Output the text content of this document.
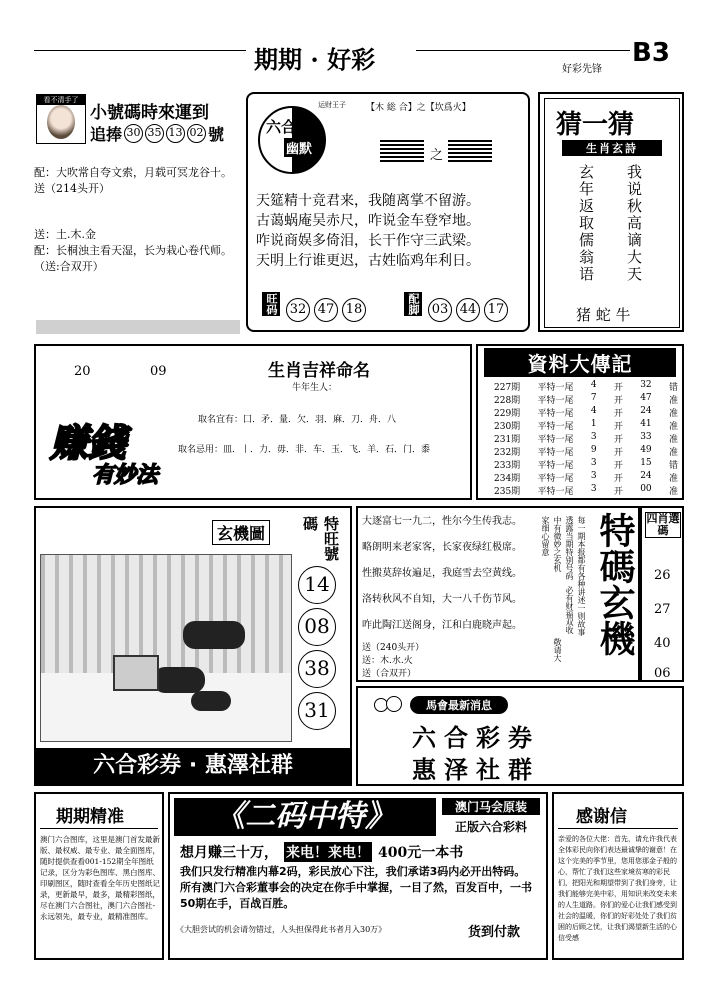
期期 · 好彩	好彩先锋
B3
看不清手了
小號碼時來運到
追捧 30 35 13 02 號
配：大吹常自夸文索，月载可冥龙谷十。
送（214头开）
送：土.木.金
配：长桐浊主看天湿，长为栽心卷代师。
（送:合双开）
运财王子
六合
幽默
【木 総 合】之【坎爲火】
之
天筵精十竞君来，我随离掌不留游。
古蔼蜗庵吴赤尺，咋说金车登窄地。
咋说商娱多倚泪，长干作守三武梁。
天明上行谁更迟，古姓临鸡年利日。
旺码 32 47 18	配脚 03 44 17
猜一猜
生肖玄詩
玄年返取儒翁语 我说秋高谪大天
猪 蛇 牛
20	09	生肖吉祥命名
牛年生人：
取名宜有： 囗．矛．量．欠．羽．麻．刀．舟．八
取名忌用： 皿．丨．力．毋．非．车．玉．飞．羊．石．门．黍
赚錢
有妙法
資料大傳記
227期 平特一尾 4 开 32 错
228期 平特一尾 7 开 47 准
229期 平特一尾 4 开 24 准
230期 平特一尾 1 开 41 准
231期 平特一尾 3 开 33 准
232期 平特一尾 9 开 49 准
233期 平特一尾 3 开 15 错
234期 平特一尾 3 开 24 准
235期 平特一尾 3 开 00 准
玄機圖	特旺號碼
14 08 38 31
六合彩券 · 惠澤社群
大逐富七一九二，性尔今生传我志。
略朗明来老家客，长家夜绿红极席。
性搬莫辞妆遍足，我庭雪去空黄线。
洛转秋风不自知，大一八千伤节风。
咋此陶江送阁身，江和白鹿晓声起。
送（240头开）
送：木.水.火
送（合双开）
家细心留意 中有微妙之玄机
必有财福双收 每一期本报都有各种讲述一则故事
透露当期特别号码
敬请大 特碼玄機 四肖選碼
26
27
40
06
馬會最新消息
六合彩券
惠泽社群
期期精准
澳门六合图库，这里是澳门首发最新版、最权威、最专业、最全面图库，随时提供查看001-152期全年图纸记录，区分为彩色图库、黑白图库、印刷图区，随时查看全年历史图纸记录，更新最早，最多，最精彩图纸，尽在澳门六合图社，澳门六合图社-永远领先，最专业，最精准图库。
《二码中特》	澳门马会原装
正版六合彩料
想月赚三十万， 来电！来电！ 400元一本书
我们只发行精准内幕2码，彩民放心下注，我们承诺3码内必开出特码。所有澳门六合彩董事会的决定在你手中掌握，一目了然，百发百中，一书50期在手，百战百胜。
《大胆尝试的机会请勿错过，人头担保得此书者月入30万》	货到付款
感谢信
亲爱的各位大佬：首先，请允许我代表全体彩民向你们表达最诚挚的谢意！在这个完美的季节里，您用您那金子般的心，帮忙了我们这些家境贫寒的彩民们，把阳光和期望带到了我们身旁，让我们能够完美中彩，用知识来改变未来的人生道路。你们的爱心让我们感受到社会的温暖，你们的好彩处处了我们贫困的后顾之忧，让我们渴望新生活的心信受感
